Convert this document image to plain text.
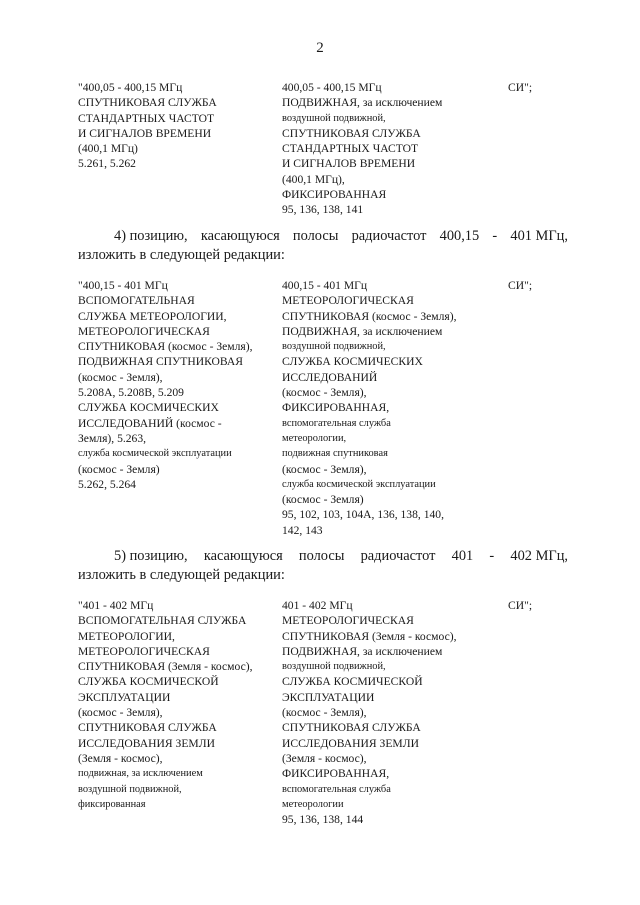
2
"400,05 - 400,15 МГц
СПУТНИКОВАЯ СЛУЖБА
СТАНДАРТНЫХ ЧАСТОТ
И СИГНАЛОВ ВРЕМЕНИ
(400,1 МГц)
5.261, 5.262
400,05 - 400,15 МГц
ПОДВИЖНАЯ, за исключением
воздушной подвижной,
СПУТНИКОВАЯ СЛУЖБА
СТАНДАРТНЫХ ЧАСТОТ
И СИГНАЛОВ ВРЕМЕНИ
(400,1 МГц),
ФИКСИРОВАННАЯ
95, 136, 138, 141
СИ";
4) позицию, касающуюся полосы радиочастот 400,15 - 401 МГц,
изложить в следующей редакции:
"400,15 - 401 МГц
ВСПОМОГАТЕЛЬНАЯ
СЛУЖБА МЕТЕОРОЛОГИИ,
МЕТЕОРОЛОГИЧЕСКАЯ
СПУТНИКОВАЯ (космос - Земля),
ПОДВИЖНАЯ СПУТНИКОВАЯ
(космос - Земля),
5.208А, 5.208В, 5.209
СЛУЖБА КОСМИЧЕСКИХ
ИССЛЕДОВАНИЙ (космос -
Земля), 5.263,
служба космической эксплуатации
(космос - Земля)
5.262, 5.264
400,15 - 401 МГц
МЕТЕОРОЛОГИЧЕСКАЯ
СПУТНИКОВАЯ (космос - Земля),
ПОДВИЖНАЯ, за исключением
воздушной подвижной,
СЛУЖБА КОСМИЧЕСКИХ
ИССЛЕДОВАНИЙ
(космос - Земля),
ФИКСИРОВАННАЯ,
вспомогательная служба
метеорологии,
подвижная спутниковая
(космос - Земля),
служба космической эксплуатации
(космос - Земля)
95, 102, 103, 104А, 136, 138, 140,
142, 143
СИ";
5) позицию, касающуюся полосы радиочастот 401 - 402 МГц,
изложить в следующей редакции:
"401 - 402 МГц
ВСПОМОГАТЕЛЬНАЯ СЛУЖБА
МЕТЕОРОЛОГИИ,
МЕТЕОРОЛОГИЧЕСКАЯ
СПУТНИКОВАЯ (Земля - космос),
СЛУЖБА КОСМИЧЕСКОЙ
ЭКСПЛУАТАЦИИ
(космос - Земля),
СПУТНИКОВАЯ СЛУЖБА
ИССЛЕДОВАНИЯ ЗЕМЛИ
(Земля - космос),
подвижная, за исключением
воздушной подвижной,
фиксированная
401 - 402 МГц
МЕТЕОРОЛОГИЧЕСКАЯ
СПУТНИКОВАЯ (Земля - космос),
ПОДВИЖНАЯ, за исключением
воздушной подвижной,
СЛУЖБА КОСМИЧЕСКОЙ
ЭКСПЛУАТАЦИИ
(космос - Земля),
СПУТНИКОВАЯ СЛУЖБА
ИССЛЕДОВАНИЯ ЗЕМЛИ
(Земля - космос),
ФИКСИРОВАННАЯ,
вспомогательная служба
метеорологии
95, 136, 138, 144
СИ";
